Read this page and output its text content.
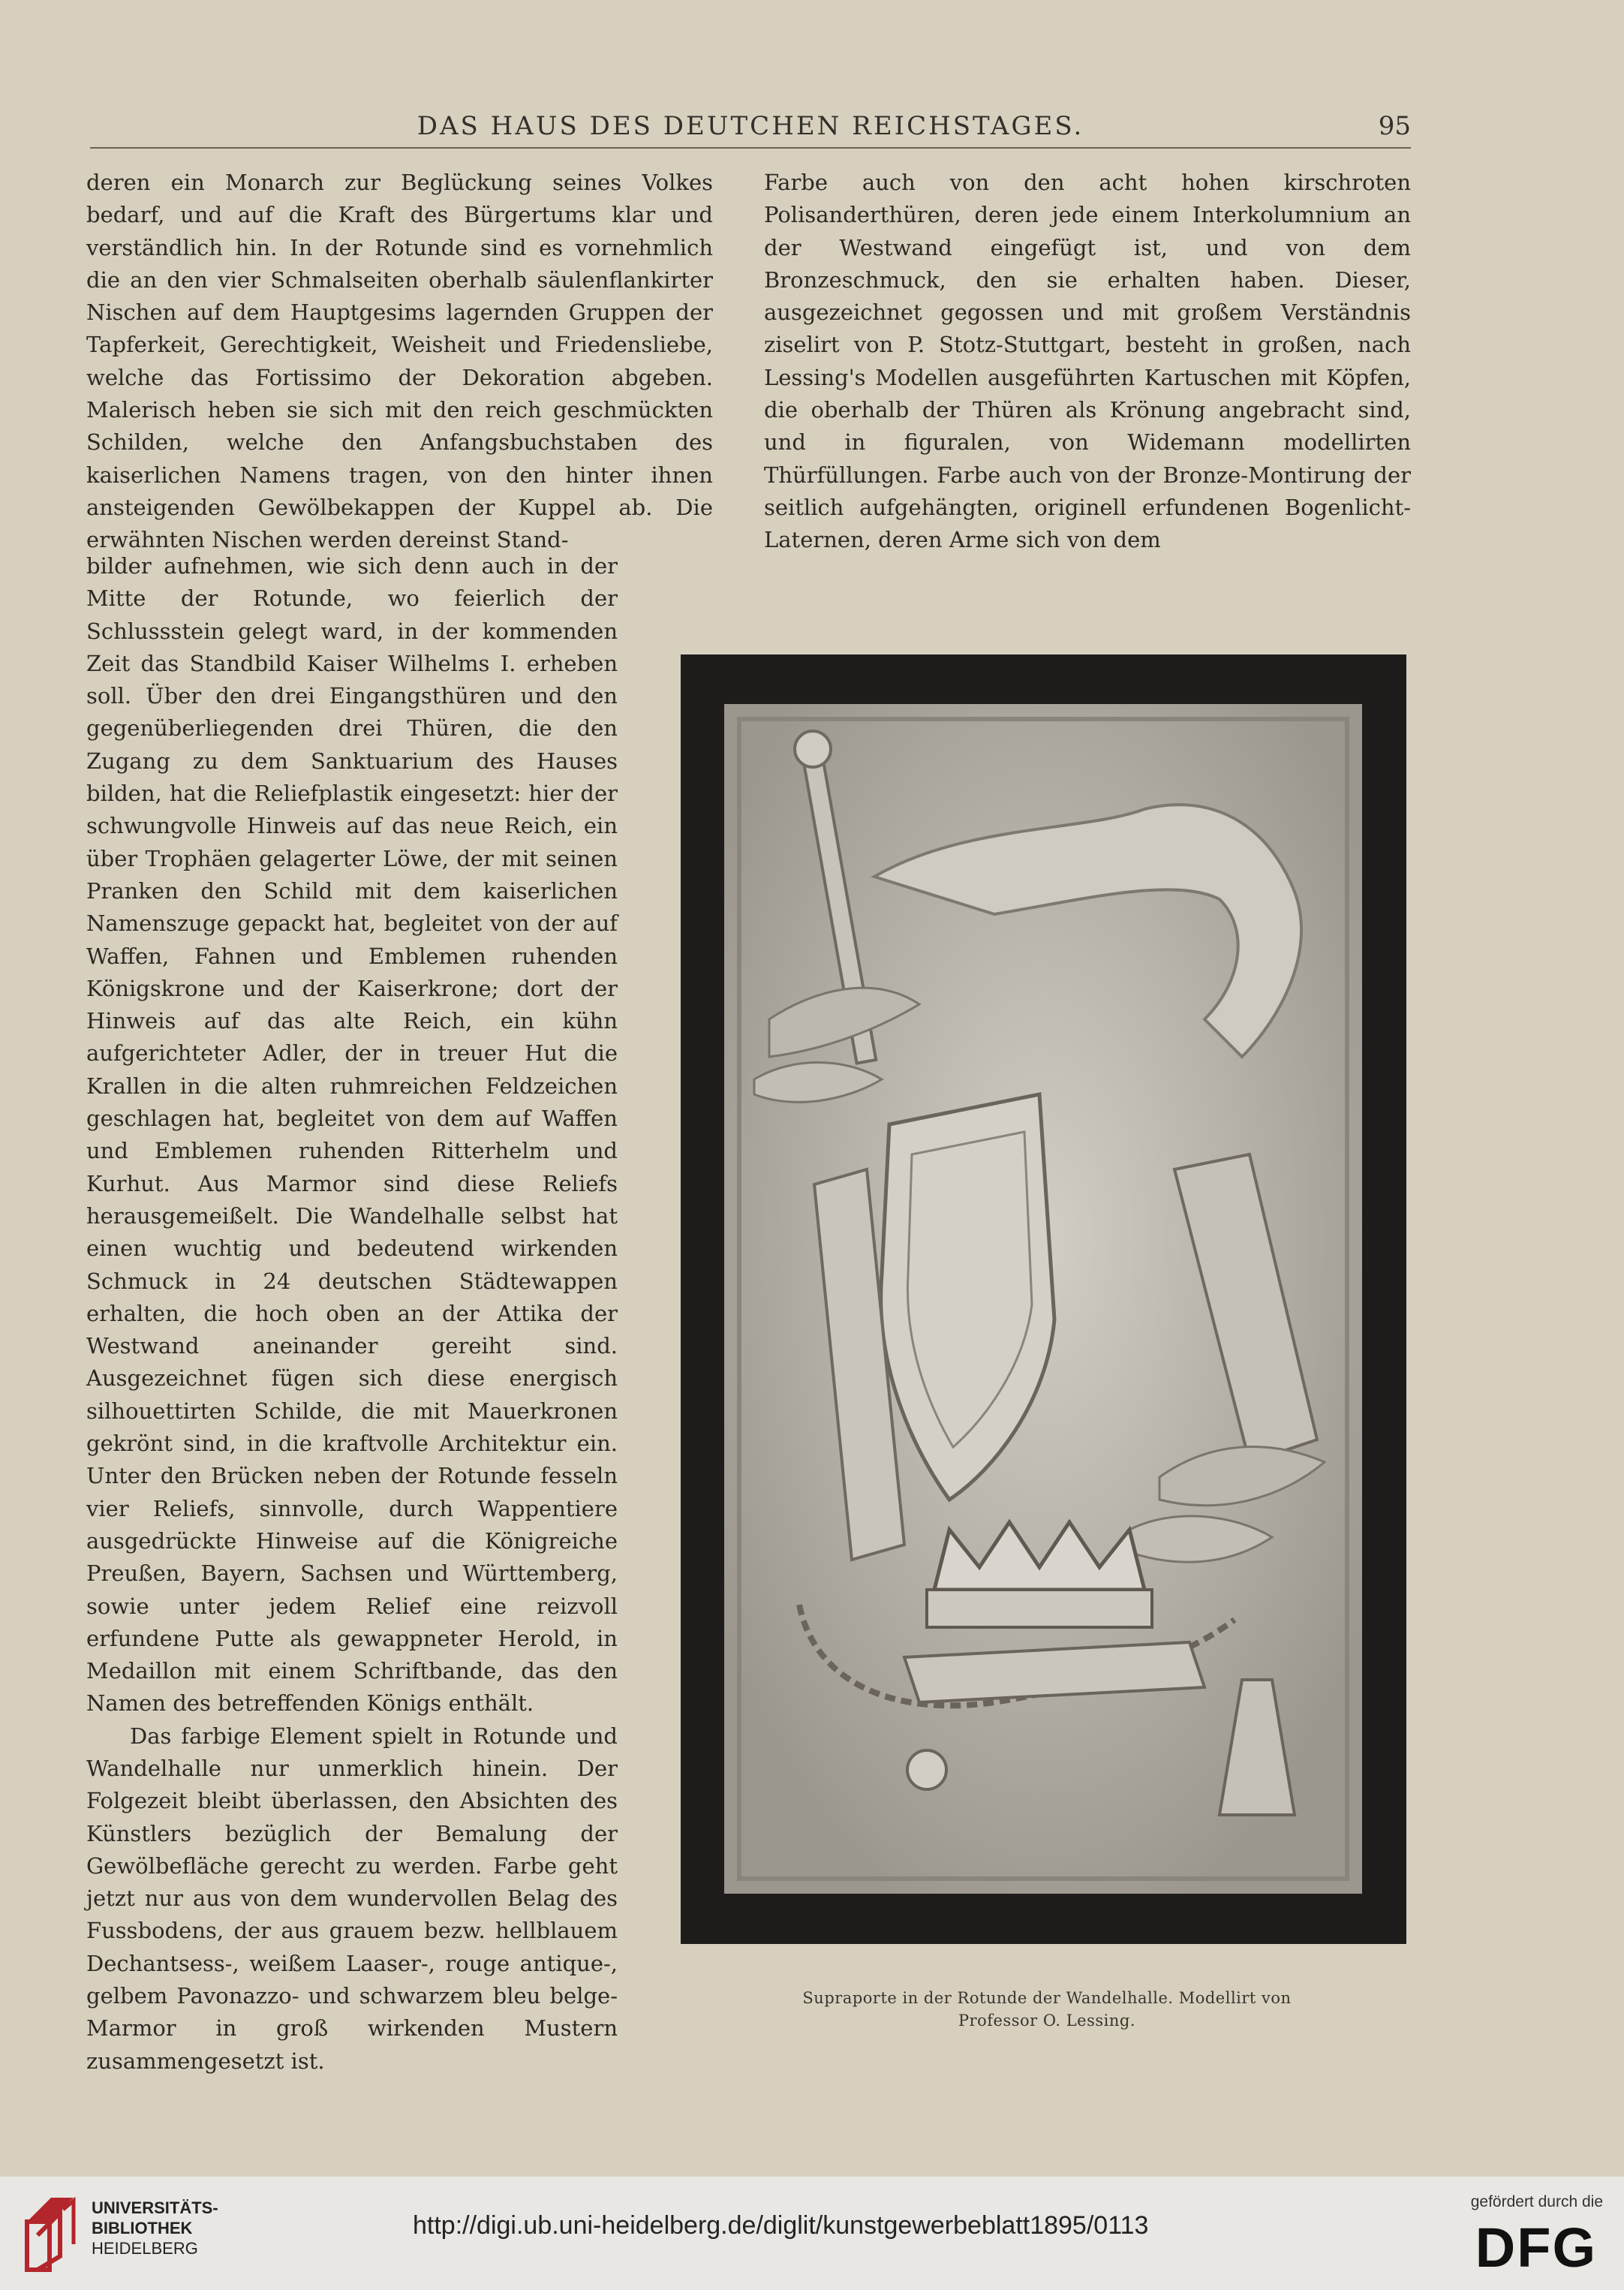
DAS HAUS DES DEUTCHEN REICHSTAGES.	95

deren ein Monarch zur Beglückung seines Volkes bedarf, und auf die Kraft des Bürgertums klar und verständlich hin. In der Rotunde sind es vornehmlich die an den vier Schmalseiten oberhalb säulenflankirter Nischen auf dem Hauptgesims lagernden Gruppen der Tapferkeit, Gerechtigkeit, Weisheit und Friedensliebe, welche das Fortissimo der Dekoration abgeben. Malerisch heben sie sich mit den reich geschmückten Schilden, welche den Anfangsbuchstaben des kaiserlichen Namens tragen, von den hinter ihnen ansteigenden Gewölbekappen der Kuppel ab. Die erwähnten Nischen werden dereinst Stand-

bilder aufnehmen, wie sich denn auch in der Mitte der Rotunde, wo feierlich der Schlussstein gelegt ward, in der kommenden Zeit das Standbild Kaiser Wilhelms I. erheben soll. Über den drei Eingangsthüren und den gegenüberliegenden drei Thüren, die den Zugang zu dem Sanktuarium des Hauses bilden, hat die Reliefplastik eingesetzt: hier der schwungvolle Hinweis auf das neue Reich, ein über Trophäen gelagerter Löwe, der mit seinen Pranken den Schild mit dem kaiserlichen Namenszuge gepackt hat, begleitet von der auf Waffen, Fahnen und Emblemen ruhenden Königskrone und der Kaiserkrone; dort der Hinweis auf das alte Reich, ein kühn aufgerichteter Adler, der in treuer Hut die Krallen in die alten ruhmreichen Feldzeichen geschlagen hat, begleitet von dem auf Waffen und Emblemen ruhenden Ritterhelm und Kurhut. Aus Marmor sind diese Reliefs herausgemeißelt. Die Wandelhalle selbst hat einen wuchtig und bedeutend wirkenden Schmuck in 24 deutschen Städtewappen erhalten, die hoch oben an der Attika der Westwand aneinander gereiht sind. Ausgezeichnet fügen sich diese energisch silhouettirten Schilde, die mit Mauerkronen gekrönt sind, in die kraftvolle Architektur ein. Unter den Brücken neben der Rotunde fesseln vier Reliefs, sinnvolle, durch Wappentiere ausgedrückte Hinweise auf die Königreiche Preußen, Bayern, Sachsen und Württemberg, sowie unter jedem Relief eine reizvoll erfundene Putte als gewappneter Herold, in Medaillon mit einem Schriftbande, das den Namen des betreffenden Königs enthält.

Das farbige Element spielt in Rotunde und Wandelhalle nur unmerklich hinein. Der Folgezeit bleibt überlassen, den Absichten des Künstlers bezüglich der Bemalung der Gewölbefläche gerecht zu werden. Farbe geht jetzt nur aus von dem wundervollen Belag des Fussbodens, der aus grauem bezw. hellblauem Dechantsess-, weißem Laaser-, rouge antique-, gelbem Pavonazzo- und schwarzem bleu belge-Marmor in groß wirkenden Mustern zusammengesetzt ist.

Farbe auch von den acht hohen kirschroten Polisanderthüren, deren jede einem Interkolumnium an der Westwand eingefügt ist, und von dem Bronzeschmuck, den sie erhalten haben. Dieser, ausgezeichnet gegossen und mit großem Verständnis ziselirt von P. Stotz-Stuttgart, besteht in großen, nach Lessing's Modellen ausgeführten Kartuschen mit Köpfen, die oberhalb der Thüren als Krönung angebracht sind, und in figuralen, von Widemann modellirten Thürfüllungen. Farbe auch von der Bronze-Montirung der seitlich aufgehängten, originell erfundenen Bogenlicht-Laternen, deren Arme sich von dem

Supraporte in der Rotunde der Wandelhalle. Modellirt von
Professor O. Lessing.
UNIVERSITÄTS-
BIBLIOTHEK
HEIDELBERG
http://digi.ub.uni-heidelberg.de/diglit/kunstgewerbeblatt1895/0113
gefördert durch die
DFG
